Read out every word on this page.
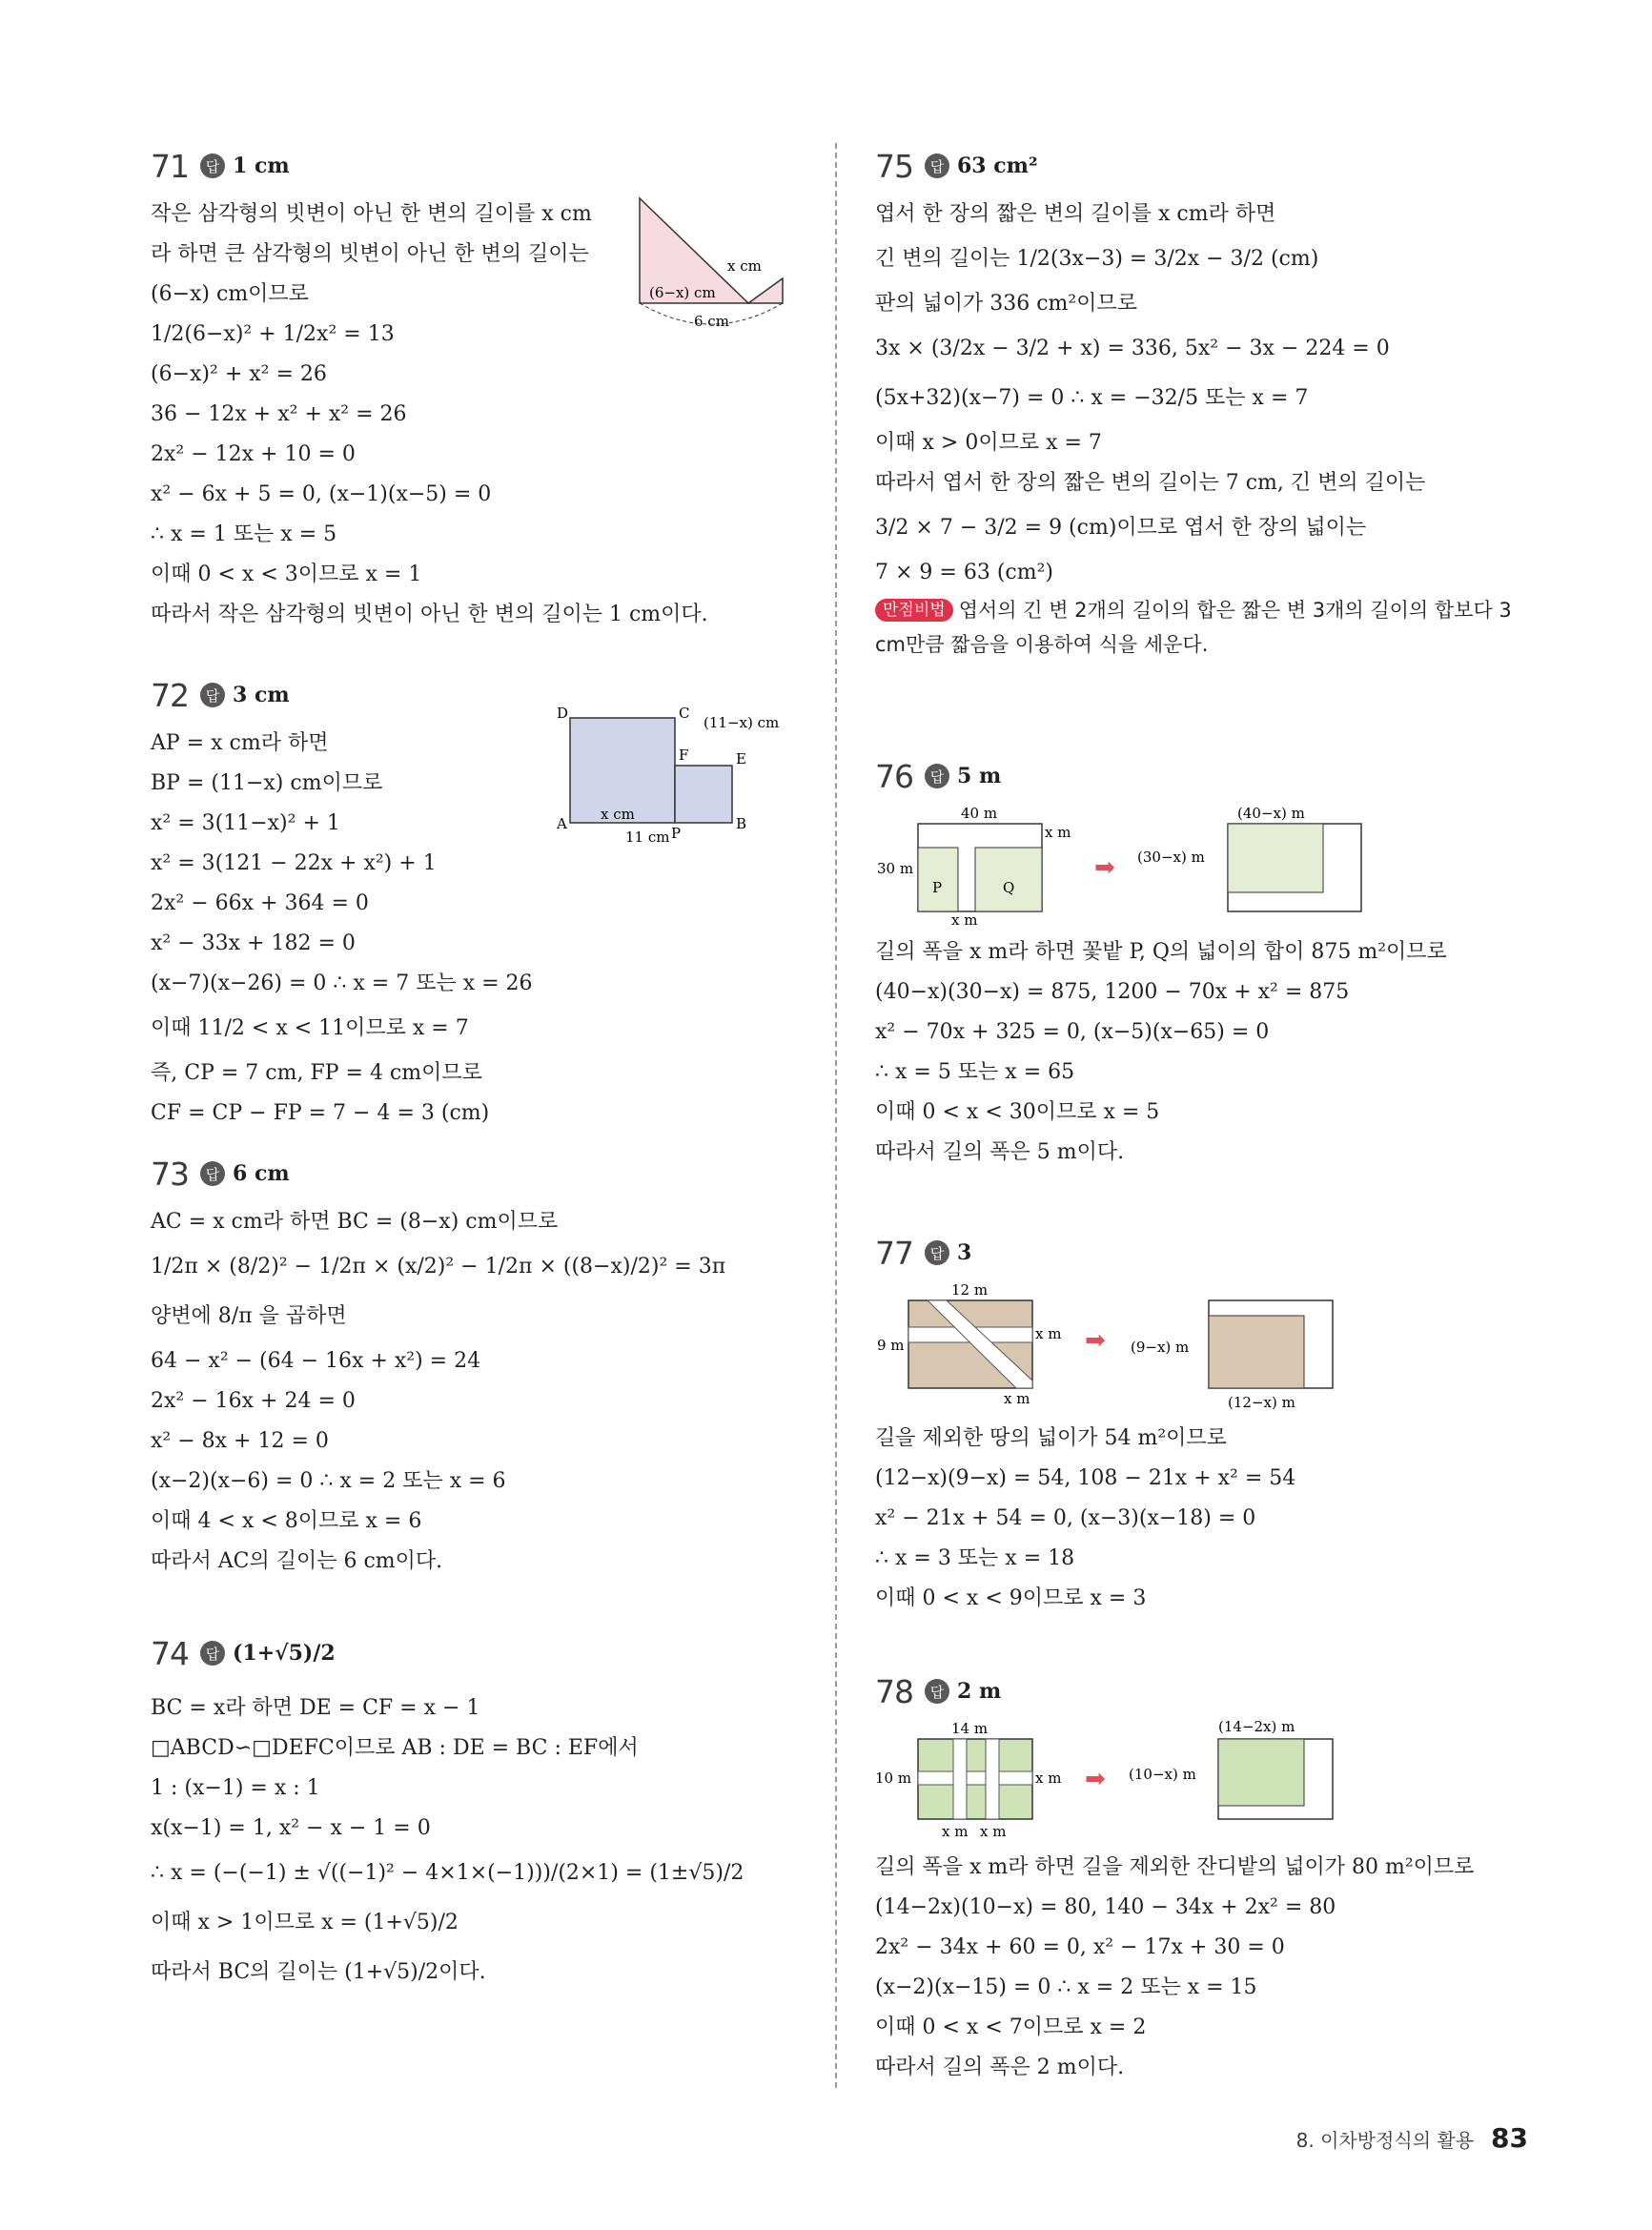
71	답 1 cm
작은 삼각형의 빗변이 아닌 한 변의 길이를 x cm
라 하면 큰 삼각형의 빗변이 아닌 한 변의 길이는
(6−x) cm이므로
1/2(6−x)² + 1/2x² = 13
(6−x)² + x² = 26
36 − 12x + x² + x² = 26
2x² − 12x + 10 = 0
x² − 6x + 5 = 0, (x−1)(x−5) = 0
∴ x = 1 또는 x = 5
이때 0 < x < 3이므로 x = 1
따라서 작은 삼각형의 빗변이 아닌 한 변의 길이는 1 cm이다.
x cm
(6−x) cm
6 cm
72	답 3 cm
AP = x cm라 하면
BP = (11−x) cm이므로
x² = 3(11−x)² + 1
x² = 3(121 − 22x + x²) + 1
2x² − 66x + 364 = 0
x² − 33x + 182 = 0
(x−7)(x−26) = 0 ∴ x = 7 또는 x = 26
이때 11/2 < x < 11이므로 x = 7
즉, CP = 7 cm, FP = 4 cm이므로
CF = CP − FP = 7 − 4 = 3 (cm)
D	C
F	E
A
P
B
x cm
11 cm
(11−x) cm
73	답 6 cm
AC = x cm라 하면 BC = (8−x) cm이므로
1/2π × (8/2)² − 1/2π × (x/2)² − 1/2π × ((8−x)/2)² = 3π
양변에 8/π 을 곱하면
64 − x² − (64 − 16x + x²) = 24
2x² − 16x + 24 = 0
x² − 8x + 12 = 0
(x−2)(x−6) = 0 ∴ x = 2 또는 x = 6
이때 4 < x < 8이므로 x = 6
따라서 AC의 길이는 6 cm이다.
74	답 (1+√5)/2
BC = x라 하면 DE = CF = x − 1
□ABCD∽□DEFC이므로 AB : DE = BC : EF에서
1 : (x−1) = x : 1
x(x−1) = 1, x² − x − 1 = 0
∴ x = (−(−1) ± √((−1)² − 4×1×(−1)))/(2×1) = (1±√5)/2
이때 x > 1이므로 x = (1+√5)/2
따라서 BC의 길이는 (1+√5)/2이다.
75	답 63 cm²
엽서 한 장의 짧은 변의 길이를 x cm라 하면
긴 변의 길이는 1/2(3x−3) = 3/2x − 3/2 (cm)
판의 넓이가 336 cm²이므로
3x × (3/2x − 3/2 + x) = 336, 5x² − 3x − 224 = 0
(5x+32)(x−7) = 0 ∴ x = −32/5 또는 x = 7
이때 x > 0이므로 x = 7
따라서 엽서 한 장의 짧은 변의 길이는 7 cm, 긴 변의 길이는
3/2 × 7 − 3/2 = 9 (cm)이므로 엽서 한 장의 넓이는
7 × 9 = 63 (cm²)
만점비법 엽서의 긴 변 2개의 길이의 합은 짧은 변 3개의 길이의 합보다 3 cm만큼 짧음을 이용하여 식을 세운다.
76	답 5 m
40 m
30 m
x m
x m
P	Q
➡
(40−x) m
(30−x) m
길의 폭을 x m라 하면 꽃밭 P, Q의 넓이의 합이 875 m²이므로
(40−x)(30−x) = 875, 1200 − 70x + x² = 875
x² − 70x + 325 = 0, (x−5)(x−65) = 0
∴ x = 5 또는 x = 65
이때 0 < x < 30이므로 x = 5
따라서 길의 폭은 5 m이다.
77	답 3
12 m
9 m
x m
x m
➡ (9−x) m
(12−x) m
길을 제외한 땅의 넓이가 54 m²이므로
(12−x)(9−x) = 54, 108 − 21x + x² = 54
x² − 21x + 54 = 0, (x−3)(x−18) = 0
∴ x = 3 또는 x = 18
이때 0 < x < 9이므로 x = 3
78	답 2 m
14 m
10 m	x m
x m x m
➡
(14−2x) m
(10−x) m
길의 폭을 x m라 하면 길을 제외한 잔디밭의 넓이가 80 m²이므로
(14−2x)(10−x) = 80, 140 − 34x + 2x² = 80
2x² − 34x + 60 = 0, x² − 17x + 30 = 0
(x−2)(x−15) = 0 ∴ x = 2 또는 x = 15
이때 0 < x < 7이므로 x = 2
따라서 길의 폭은 2 m이다.
8. 이차방정식의 활용 83
